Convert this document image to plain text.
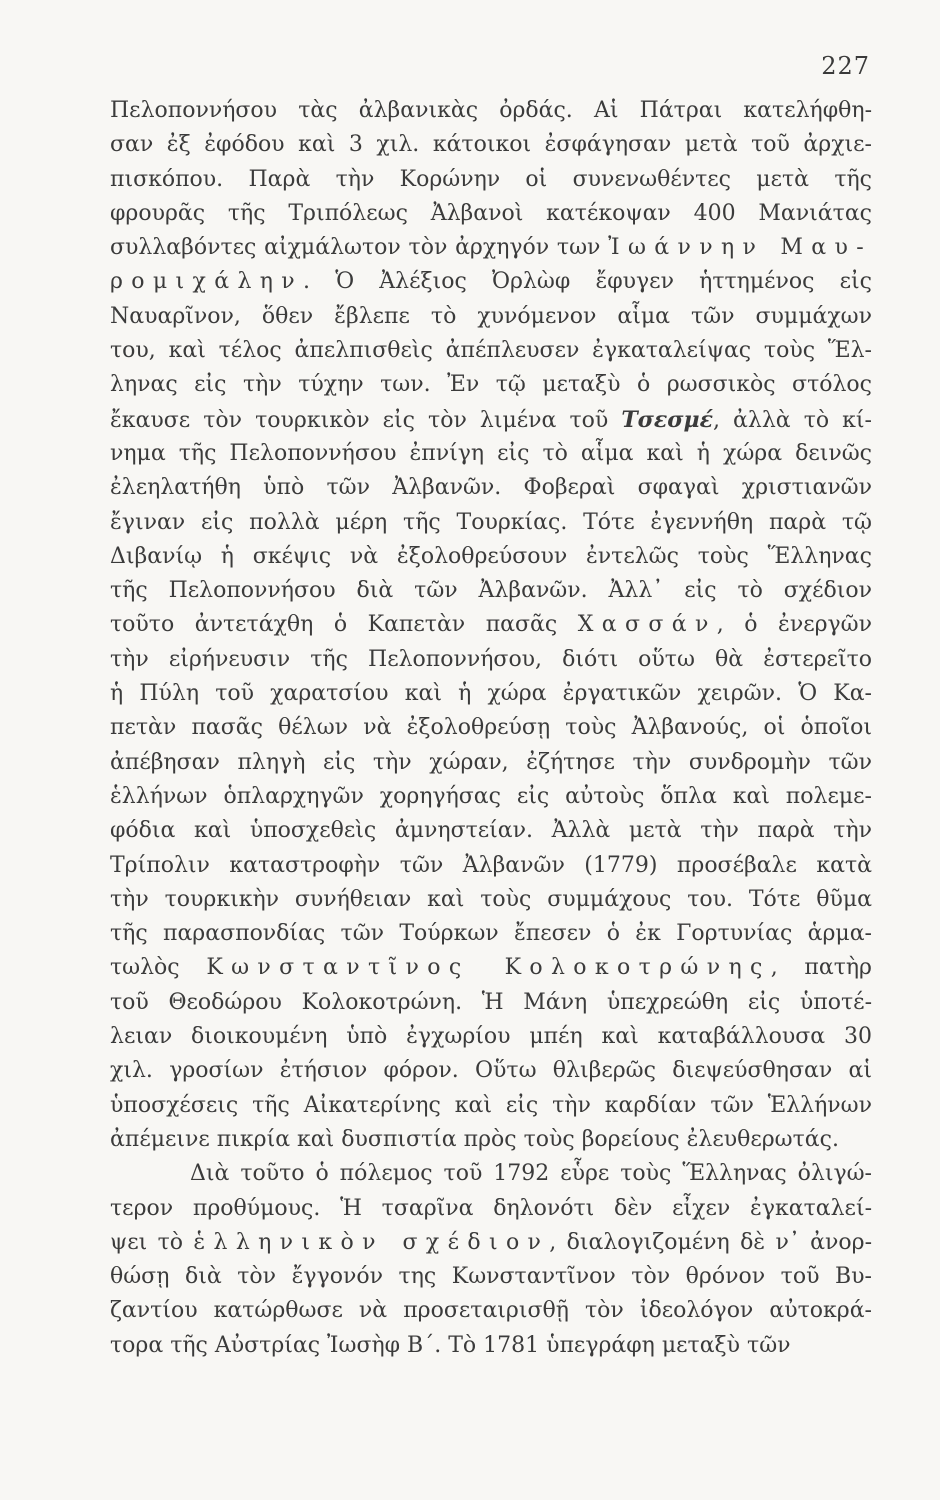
227
Πελοποννήσου τὰς ἀλβανικὰς ὀρδάς. Αἱ Πάτραι κατελήφθη-
σαν ἐξ ἐφόδου καὶ 3 χιλ. κάτοικοι ἐσφάγησαν μετὰ τοῦ ἀρχιε-
πισκόπου. Παρὰ τὴν Κορώνην οἱ συνενωθέντες μετὰ τῆς
φρουρᾶς τῆς Τριπόλεως Ἀλβανοὶ κατέκοψαν 400 Μανιάτας
συλλαβόντες αἰχμάλωτον τὸν ἀρχηγόν των Ἰωάννην Μαυ-
ρομιχάλην. Ὁ Ἀλέξιος Ὀρλὼφ ἔφυγεν ἡττημένος εἰς
Ναυαρῖνον, ὅθεν ἔβλεπε τὸ χυνόμενον αἷμα τῶν συμμάχων
του, καὶ τέλος ἀπελπισθεὶς ἀπέπλευσεν ἐγκαταλείψας τοὺς Ἕλ-
ληνας εἰς τὴν τύχην των. Ἐν τῷ μεταξὺ ὁ ρωσσικὸς στόλος
ἔκαυσε τὸν τουρκικὸν εἰς τὸν λιμένα τοῦ Τσεσμέ, ἀλλὰ τὸ κί-
νημα τῆς Πελοποννήσου ἐπνίγη εἰς τὸ αἷμα καὶ ἡ χώρα δεινῶς
ἐλεηλατήθη ὑπὸ τῶν Ἀλβανῶν. Φοβεραὶ σφαγαὶ χριστιανῶν
ἔγιναν εἰς πολλὰ μέρη τῆς Τουρκίας. Τότε ἐγεννήθη παρὰ τῷ
Διβανίῳ ἡ σκέψις νὰ ἐξολοθρεύσουν ἐντελῶς τοὺς Ἕλληνας
τῆς Πελοποννήσου διὰ τῶν Ἀλβανῶν. Ἀλλ᾿ εἰς τὸ σχέδιον
τοῦτο ἀντετάχθη ὁ Καπετὰν πασᾶς Χασσάν, ὁ ἐνεργῶν
τὴν εἰρήνευσιν τῆς Πελοποννήσου, διότι οὕτω θὰ ἐστερεῖτο
ἡ Πύλη τοῦ χαρατσίου καὶ ἡ χώρα ἐργατικῶν χειρῶν. Ὁ Κα-
πετὰν πασᾶς θέλων νὰ ἐξολοθρεύσῃ τοὺς Ἀλβανούς, οἱ ὁποῖοι
ἀπέβησαν πληγὴ εἰς τὴν χώραν, ἐζήτησε τὴν συνδρομὴν τῶν
ἑλλήνων ὁπλαρχηγῶν χορηγήσας εἰς αὐτοὺς ὅπλα καὶ πολεμε-
φόδια καὶ ὑποσχεθεὶς ἀμνηστείαν. Ἀλλὰ μετὰ τὴν παρὰ τὴν
Τρίπολιν καταστροφὴν τῶν Ἀλβανῶν (1779) προσέβαλε κατὰ
τὴν τουρκικὴν συνήθειαν καὶ τοὺς συμμάχους του. Τότε θῦμα
τῆς παρασπονδίας τῶν Τούρκων ἔπεσεν ὁ ἐκ Γορτυνίας ἁρμα-
τωλὸς Κωνσταντῖνος Κολοκοτρώνης, πατὴρ
τοῦ Θεοδώρου Κολοκοτρώνη. Ἡ Μάνη ὑπεχρεώθη εἰς ὑποτέ-
λειαν διοικουμένη ὑπὸ ἐγχωρίου μπέη καὶ καταβάλλουσα 30
χιλ. γροσίων ἐτήσιον φόρον. Οὕτω θλιβερῶς διεψεύσθησαν αἱ
ὑποσχέσεις τῆς Αἰκατερίνης καὶ εἰς τὴν καρδίαν τῶν Ἑλλήνων
ἀπέμεινε πικρία καὶ δυσπιστία πρὸς τοὺς βορείους ἐλευθερωτάς.
Διὰ τοῦτο ὁ πόλεμος τοῦ 1792 εὗρε τοὺς Ἕλληνας ὀλιγώ-
τερον προθύμους. Ἡ τσαρῖνα δηλονότι δὲν εἶχεν ἐγκαταλεί-
ψει τὸ ἑλληνικὸν σχέδιον, διαλογιζομένη δὲ ν᾿ ἀνορ-
θώσῃ διὰ τὸν ἔγγονόν της Κωνσταντῖνον τὸν θρόνον τοῦ Βυ-
ζαντίου κατώρθωσε νὰ προσεταιρισθῇ τὸν ἰδεολόγον αὐτοκρά-
τορα τῆς Αὐστρίας Ἰωσὴφ Β΄. Τὸ 1781 ὑπεγράφη μεταξὺ τῶν
